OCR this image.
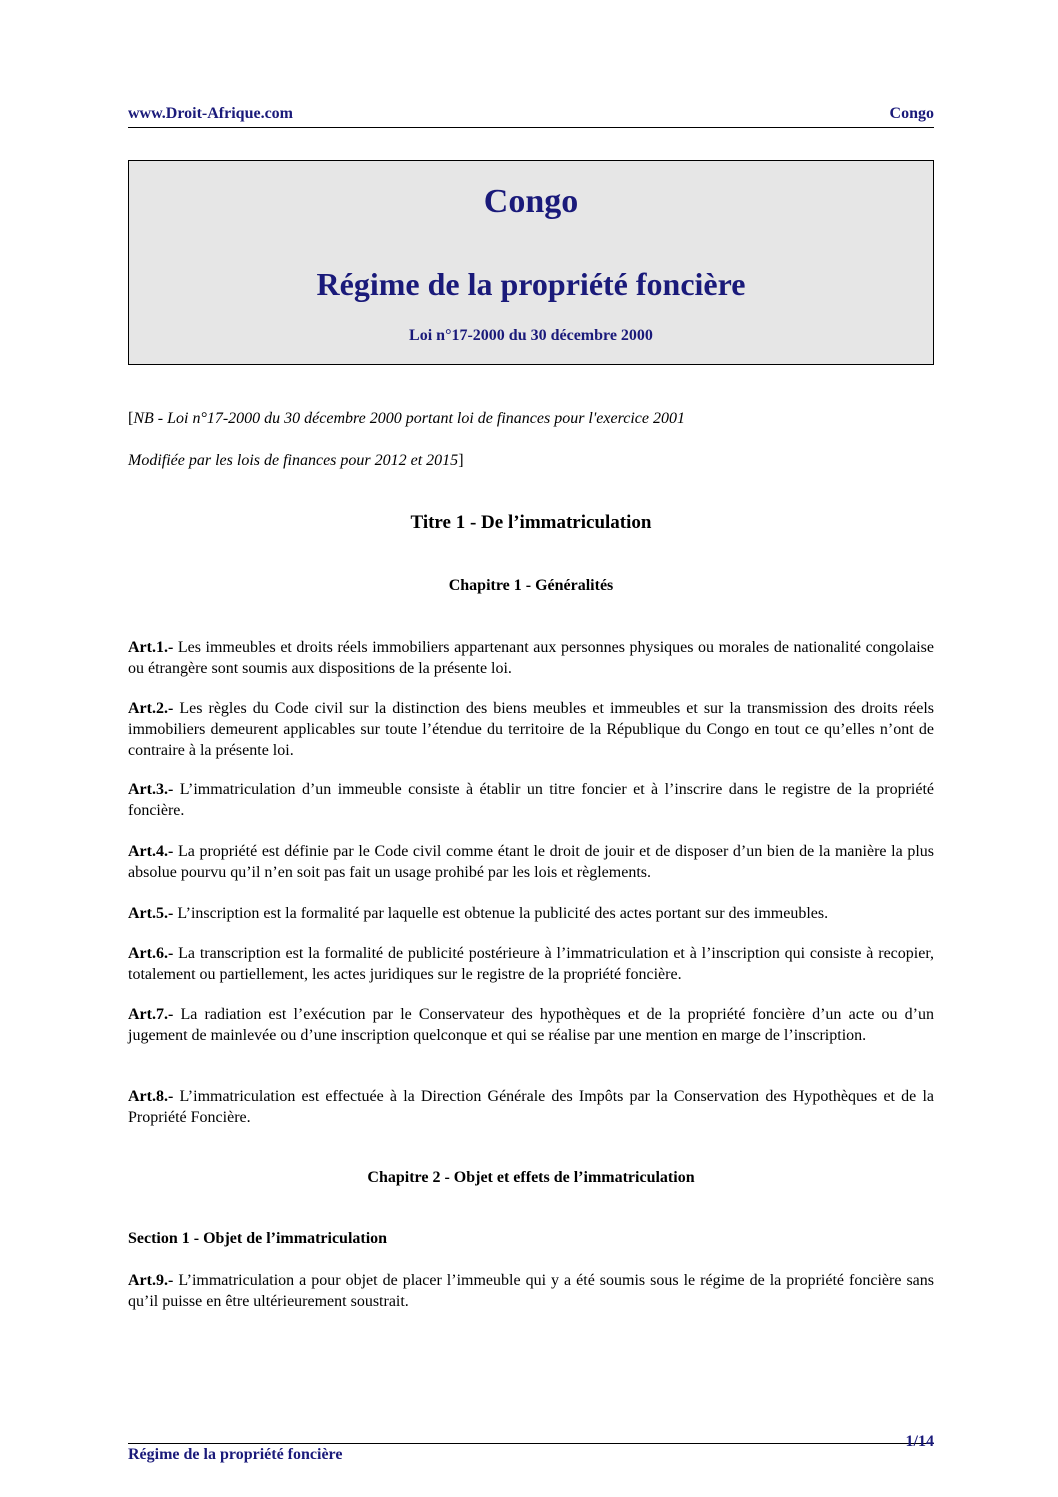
www.Droit-Afrique.com	Congo
Congo
Régime de la propriété foncière
Loi n°17-2000 du 30 décembre 2000
[NB - Loi n°17-2000 du 30 décembre 2000 portant loi de finances pour l'exercice 2001
Modifiée par les lois de finances pour 2012 et 2015]
Titre 1 - De l’immatriculation
Chapitre 1 - Généralités
Art.1.- Les immeubles et droits réels immobiliers appartenant aux personnes physiques ou morales de nationalité congolaise ou étrangère sont soumis aux dispositions de la présente loi.
Art.2.- Les règles du Code civil sur la distinction des biens meubles et immeubles et sur la transmission des droits réels immobiliers demeurent applicables sur toute l’étendue du territoire de la République du Congo en tout ce qu’elles n’ont de contraire à la présente loi.
Art.3.- L’immatriculation d’un immeuble consiste à établir un titre foncier et à l’inscrire dans le registre de la propriété foncière.
Art.4.- La propriété est définie par le Code civil comme étant le droit de jouir et de disposer d’un bien de la manière la plus absolue pourvu qu’il n’en soit pas fait un usage prohibé par les lois et règlements.
Art.5.- L’inscription est la formalité par laquelle est obtenue la publicité des actes portant sur des immeubles.
Art.6.- La transcription est la formalité de publicité postérieure à l’immatriculation et à l’inscription qui consiste à recopier, totalement ou partiellement, les actes juridiques sur le registre de la propriété foncière.
Art.7.- La radiation est l’exécution par le Conservateur des hypothèques et de la propriété foncière d’un acte ou d’un jugement de mainlevée ou d’une inscription quelconque et qui se réalise par une mention en marge de l’inscription.
Art.8.- L’immatriculation est effectuée à la Direction Générale des Impôts par la Conservation des Hypothèques et de la Propriété Foncière.
Chapitre 2 - Objet et effets de l’immatriculation
Section 1 - Objet de l’immatriculation
Art.9.- L’immatriculation a pour objet de placer l’immeuble qui y a été soumis sous le régime de la propriété foncière sans qu’il puisse en être ultérieurement soustrait.
Régime de la propriété foncière
1/14
